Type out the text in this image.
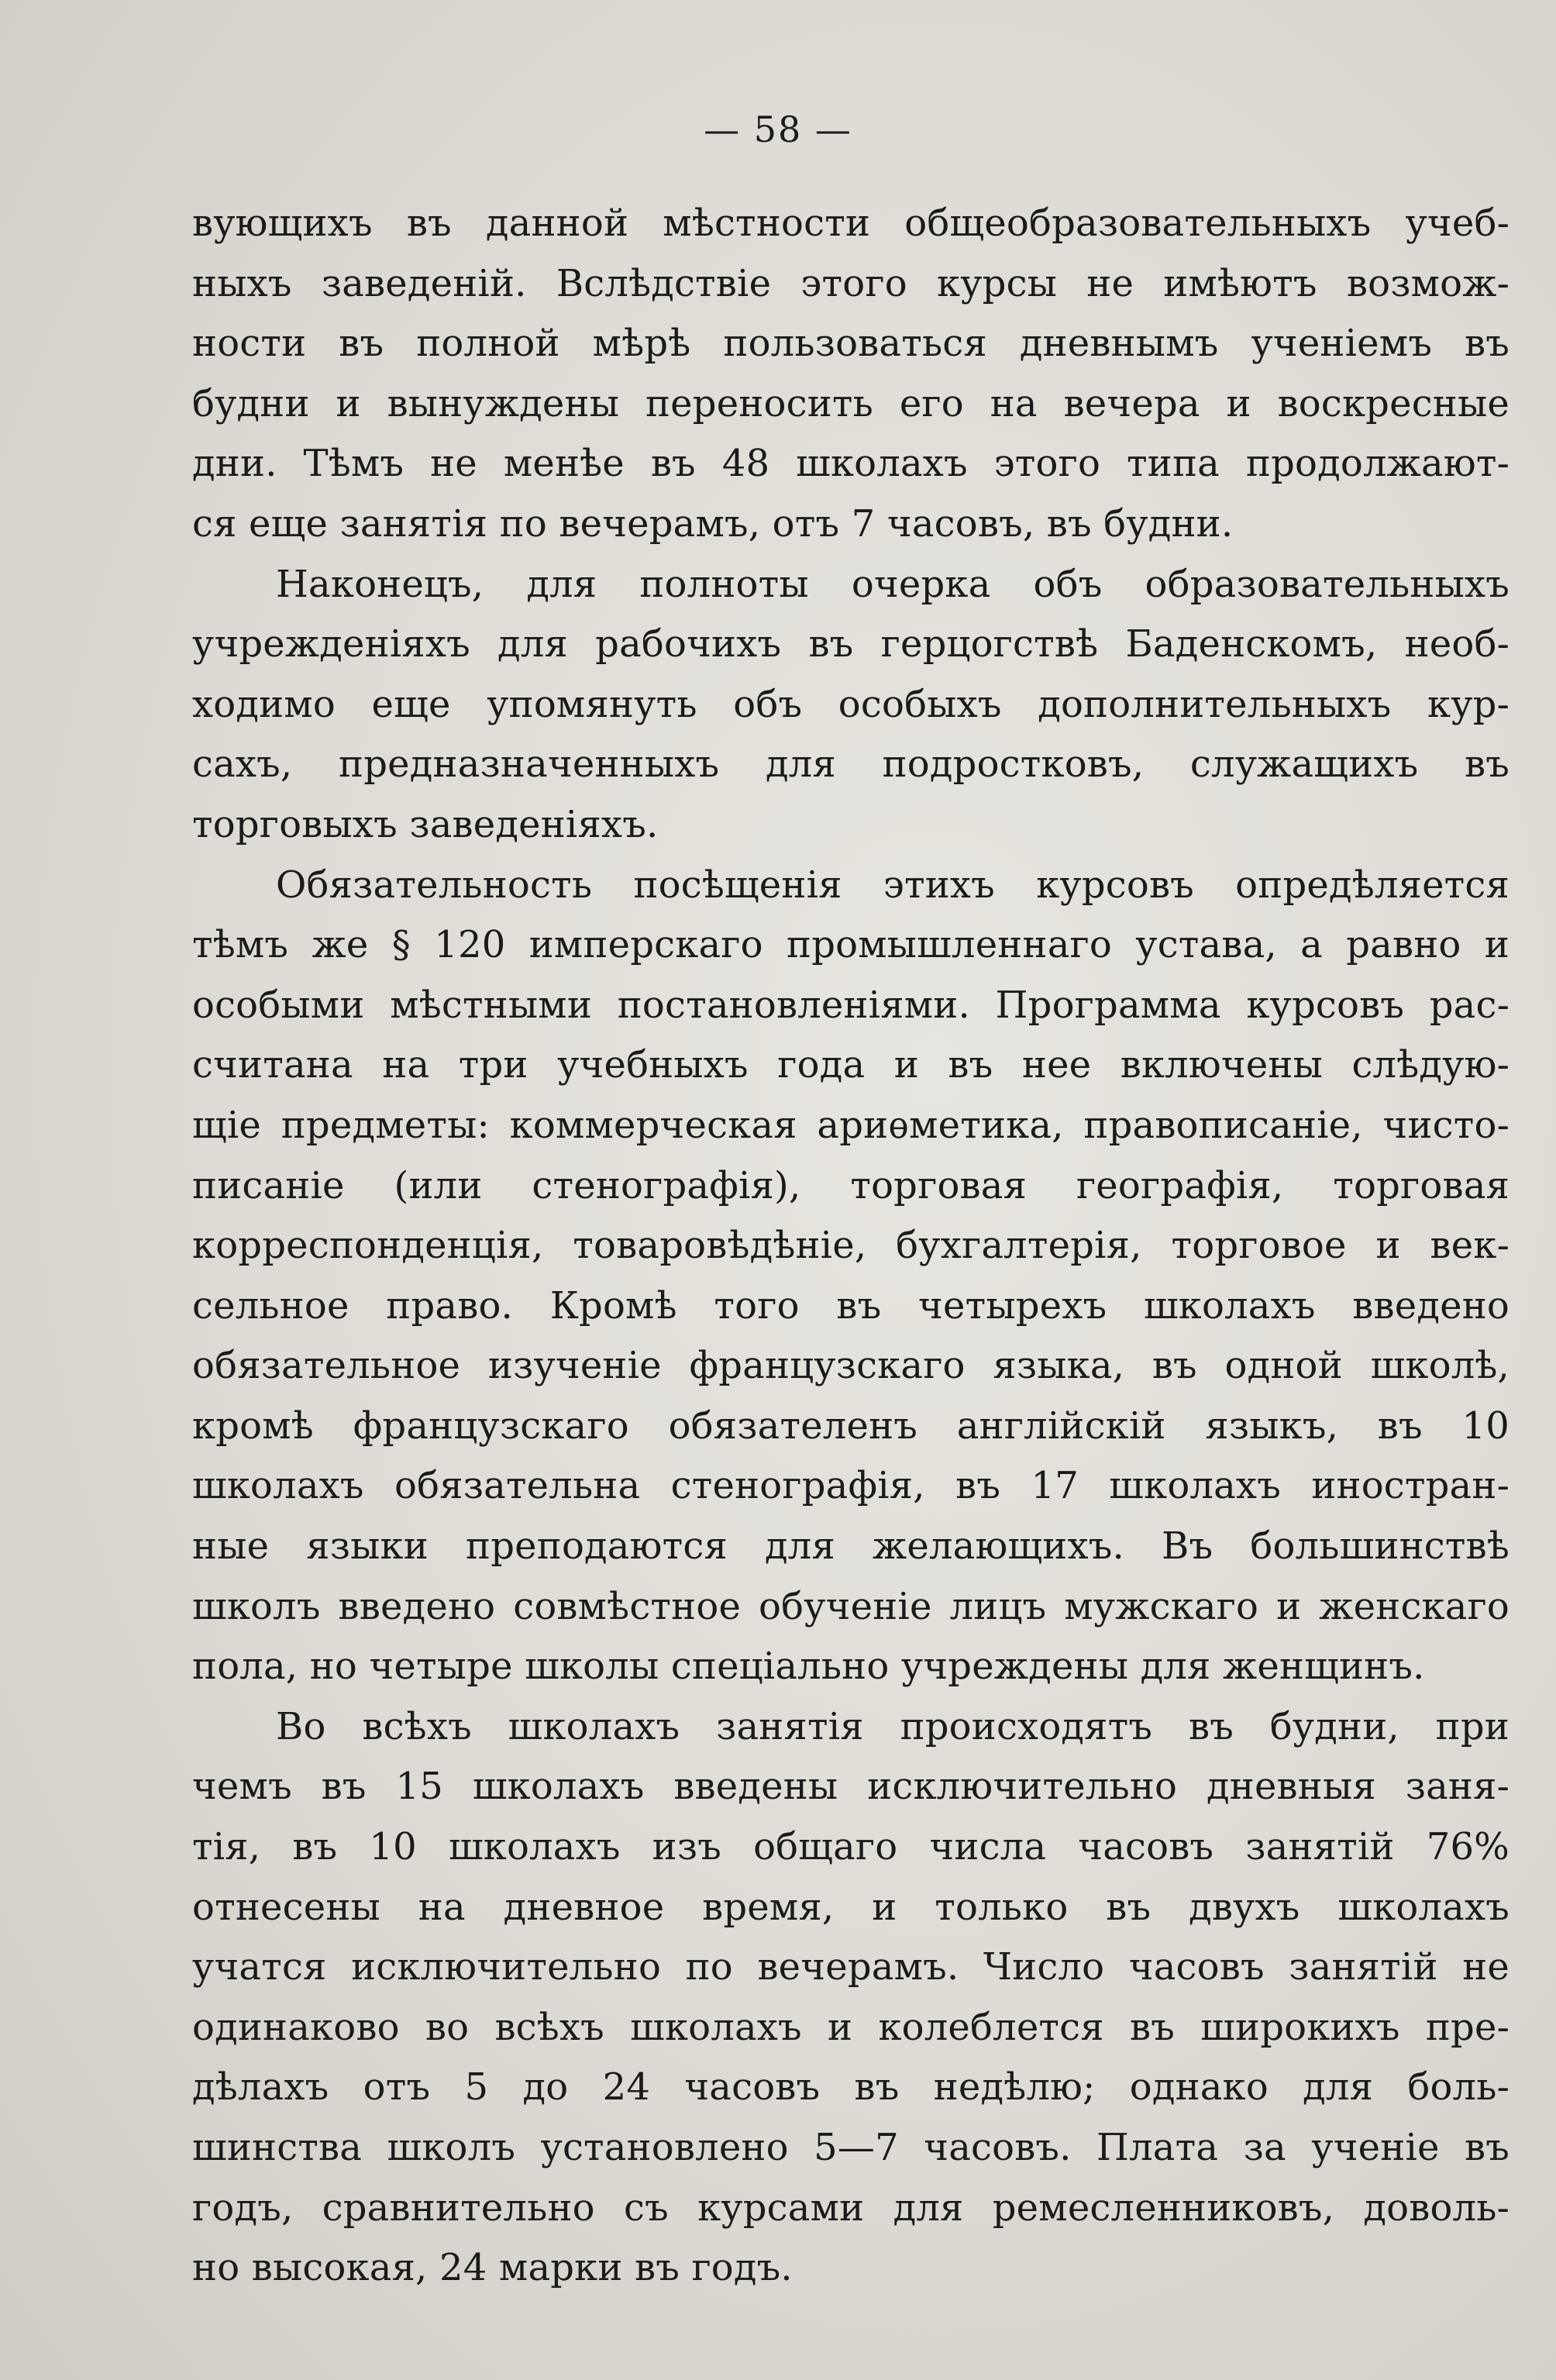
— 58 —
вующихъ въ данной мѣстности общеобразовательныхъ учеб-
ныхъ заведеній. Вслѣдствіе этого курсы не имѣютъ возмож-
ности въ полной мѣрѣ пользоваться дневнымъ ученіемъ въ
будни и вынуждены переносить его на вечера и воскресные
дни. Тѣмъ не менѣе въ 48 школахъ этого типа продолжают-
ся еще занятія по вечерамъ, отъ 7 часовъ, въ будни.
Наконецъ, для полноты очерка объ образовательныхъ
учрежденіяхъ для рабочихъ въ герцогствѣ Баденскомъ, необ-
ходимо еще упомянуть объ особыхъ дополнительныхъ кур-
сахъ, предназначенныхъ для подростковъ, служащихъ въ
торговыхъ заведеніяхъ.
Обязательность посѣщенія этихъ курсовъ опредѣляется
тѣмъ же § 120 имперскаго промышленнаго устава, а равно и
особыми мѣстными постановленіями. Программа курсовъ рас-
считана на три учебныхъ года и въ нее включены слѣдую-
щіе предметы: коммерческая ариѳметика, правописаніе, чисто-
писаніе (или стенографія), торговая географія, торговая
корреспонденція, товаровѣдѣніе, бухгалтерія, торговое и век-
сельное право. Кромѣ того въ четырехъ школахъ введено
обязательное изученіе французскаго языка, въ одной школѣ,
кромѣ французскаго обязателенъ англійскій языкъ, въ 10
школахъ обязательна стенографія, въ 17 школахъ иностран-
ные языки преподаются для желающихъ. Въ большинствѣ
школъ введено совмѣстное обученіе лицъ мужскаго и женскаго
пола, но четыре школы спеціально учреждены для женщинъ.
Во всѣхъ школахъ занятія происходятъ въ будни, при
чемъ въ 15 школахъ введены исключительно дневныя заня-
тія, въ 10 школахъ изъ общаго числа часовъ занятій 76%
отнесены на дневное время, и только въ двухъ школахъ
учатся исключительно по вечерамъ. Число часовъ занятій не
одинаково во всѣхъ школахъ и колеблется въ широкихъ пре-
дѣлахъ отъ 5 до 24 часовъ въ недѣлю; однако для боль-
шинства школъ установлено 5—7 часовъ. Плата за ученіе въ
годъ, сравнительно съ курсами для ремесленниковъ, доволь-
но высокая, 24 марки въ годъ.
